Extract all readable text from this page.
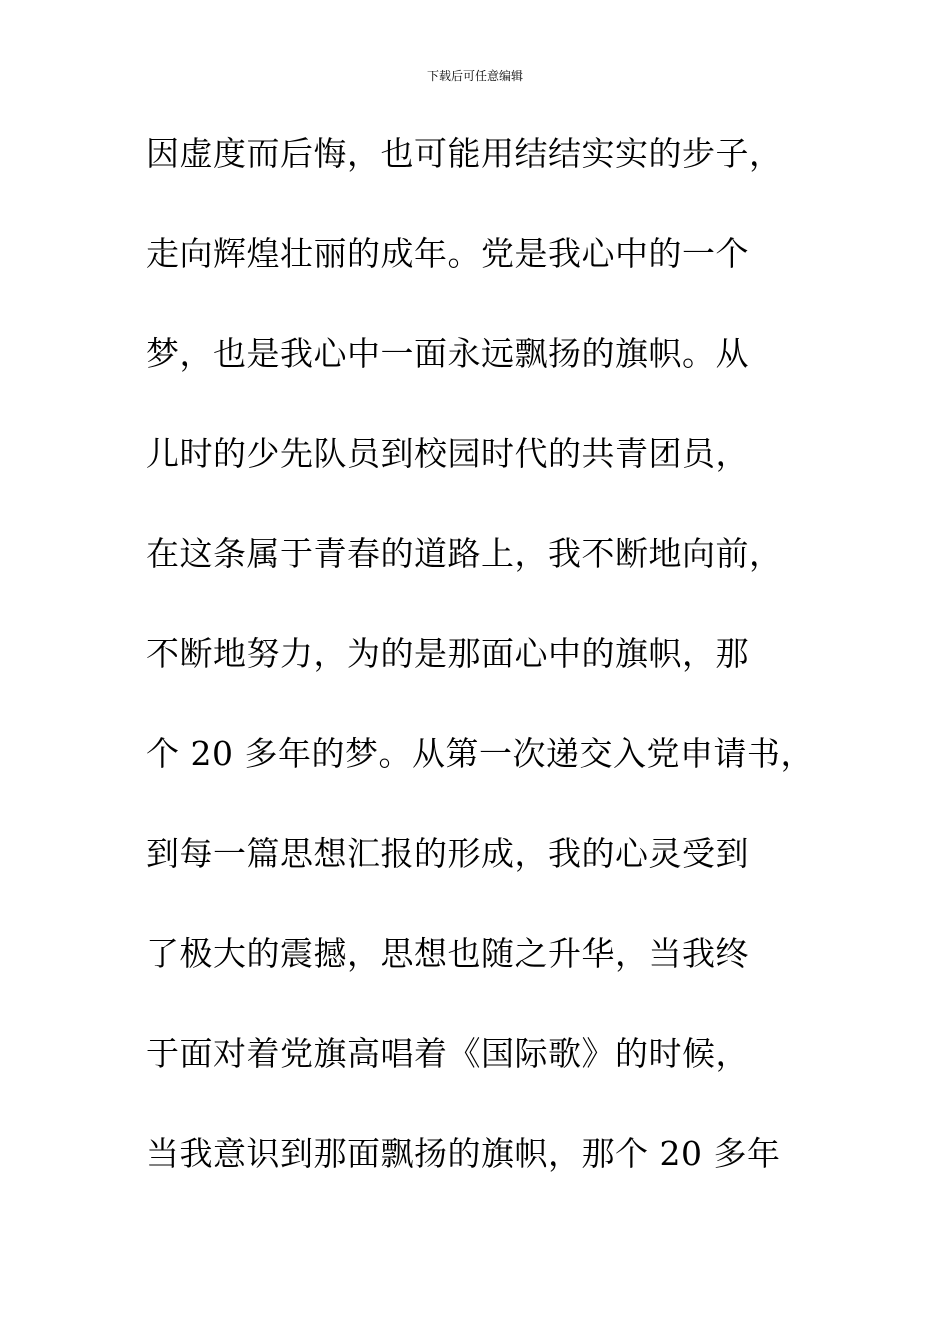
下载后可任意编辑
因虚度而后悔，也可能用结结实实的步子，
走向辉煌壮丽的成年。党是我心中的一个
梦，也是我心中一面永远飘扬的旗帜。从
儿时的少先队员到校园时代的共青团员，
在这条属于青春的道路上，我不断地向前，
不断地努力，为的是那面心中的旗帜，那
个 20 多年的梦。从第一次递交入党申请书，
到每一篇思想汇报的形成，我的心灵受到
了极大的震撼，思想也随之升华，当我终
于面对着党旗高唱着《国际歌》的时候，
当我意识到那面飘扬的旗帜，那个 20 多年
